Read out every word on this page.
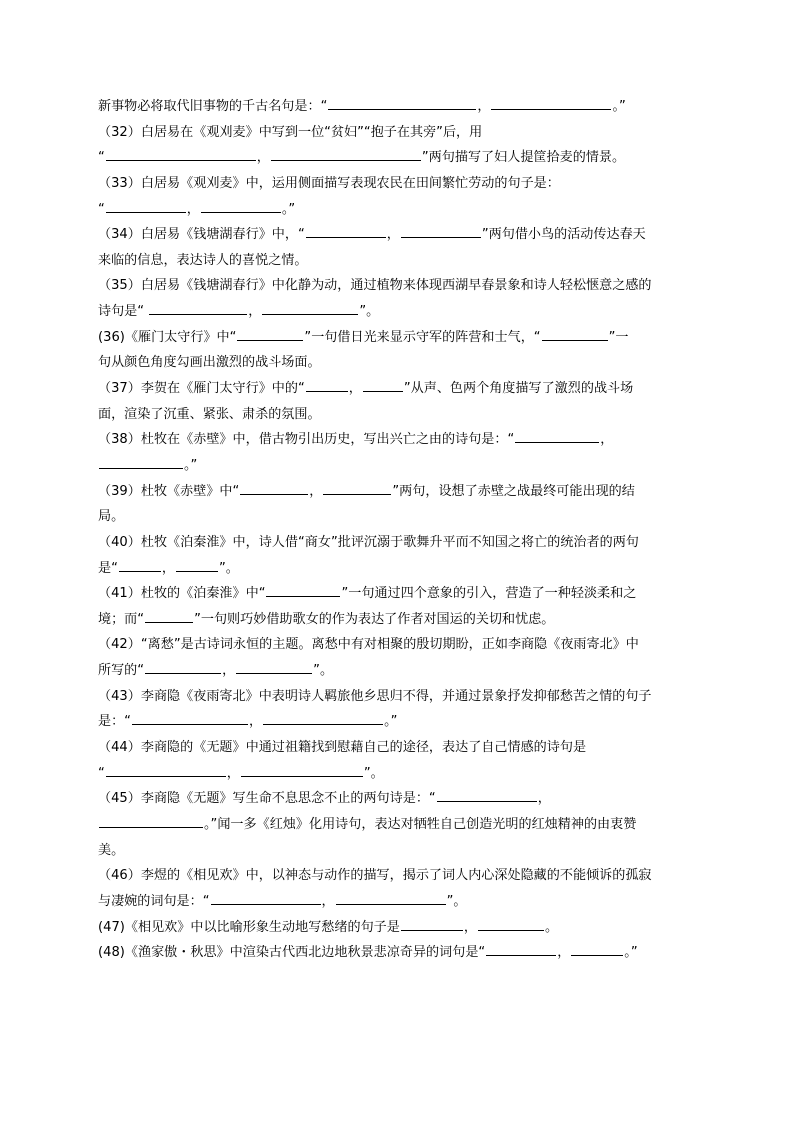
新事物必将取代旧事物的千古名句是：“	，	。”
（32）白居易在《观刈麦》中写到一位“贫妇”“抱子在其旁”后，用
“	，	”两句描写了妇人提筐拾麦的情景。
（33）白居易《观刈麦》中，运用侧面描写表现农民在田间繁忙劳动的句子是：
“	，	。”
（34）白居易《钱塘湖春行》中，“	，	”两句借小鸟的活动传达春天
来临的信息，表达诗人的喜悦之情。
（35）白居易《钱塘湖春行》中化静为动，通过植物来体现西湖早春景象和诗人轻松惬意之感的
诗句是“	，	”。
(36)《雁门太守行》中“	”一句借日光来显示守军的阵营和士气，“	”一
句从颜色角度勾画出激烈的战斗场面。
（37）李贺在《雁门太守行》中的“	，	”从声、色两个角度描写了激烈的战斗场
面，渲染了沉重、紧张、肃杀的氛围。
（38）杜牧在《赤壁》中，借古物引出历史，写出兴亡之由的诗句是：“	，
。”
（39）杜牧《赤壁》中“	，	”两句，设想了赤壁之战最终可能出现的结
局。
（40）杜牧《泊秦淮》中，诗人借“商女”批评沉溺于歌舞升平而不知国之将亡的统治者的两句
是“	，	”。
（41）杜牧的《泊秦淮》中“	”一句通过四个意象的引入，营造了一种轻淡柔和之
境；而“	”一句则巧妙借助歌女的作为表达了作者对国运的关切和忧虑。
（42）“离愁”是古诗词永恒的主题。离愁中有对相聚的殷切期盼，正如李商隐《夜雨寄北》中
所写的“	，	”。
（43）李商隐《夜雨寄北》中表明诗人羁旅他乡思归不得，并通过景象抒发抑郁愁苦之情的句子
是：“	，	。”
（44）李商隐的《无题》中通过祖籍找到慰藉自己的途径，表达了自己情感的诗句是
“	，	”。
（45）李商隐《无题》写生命不息思念不止的两句诗是：“	，
。”闻一多《红烛》化用诗句，表达对牺牲自己创造光明的红烛精神的由衷赞
美。
（46）李煜的《相见欢》中，以神态与动作的描写，揭示了词人内心深处隐藏的不能倾诉的孤寂
与凄婉的词句是：“	，	”。
(47)《相见欢》中以比喻形象生动地写愁绪的句子是	，	。
(48)《渔家傲・秋思》中渲染古代西北边地秋景悲凉奇异的词句是“	，	。”
